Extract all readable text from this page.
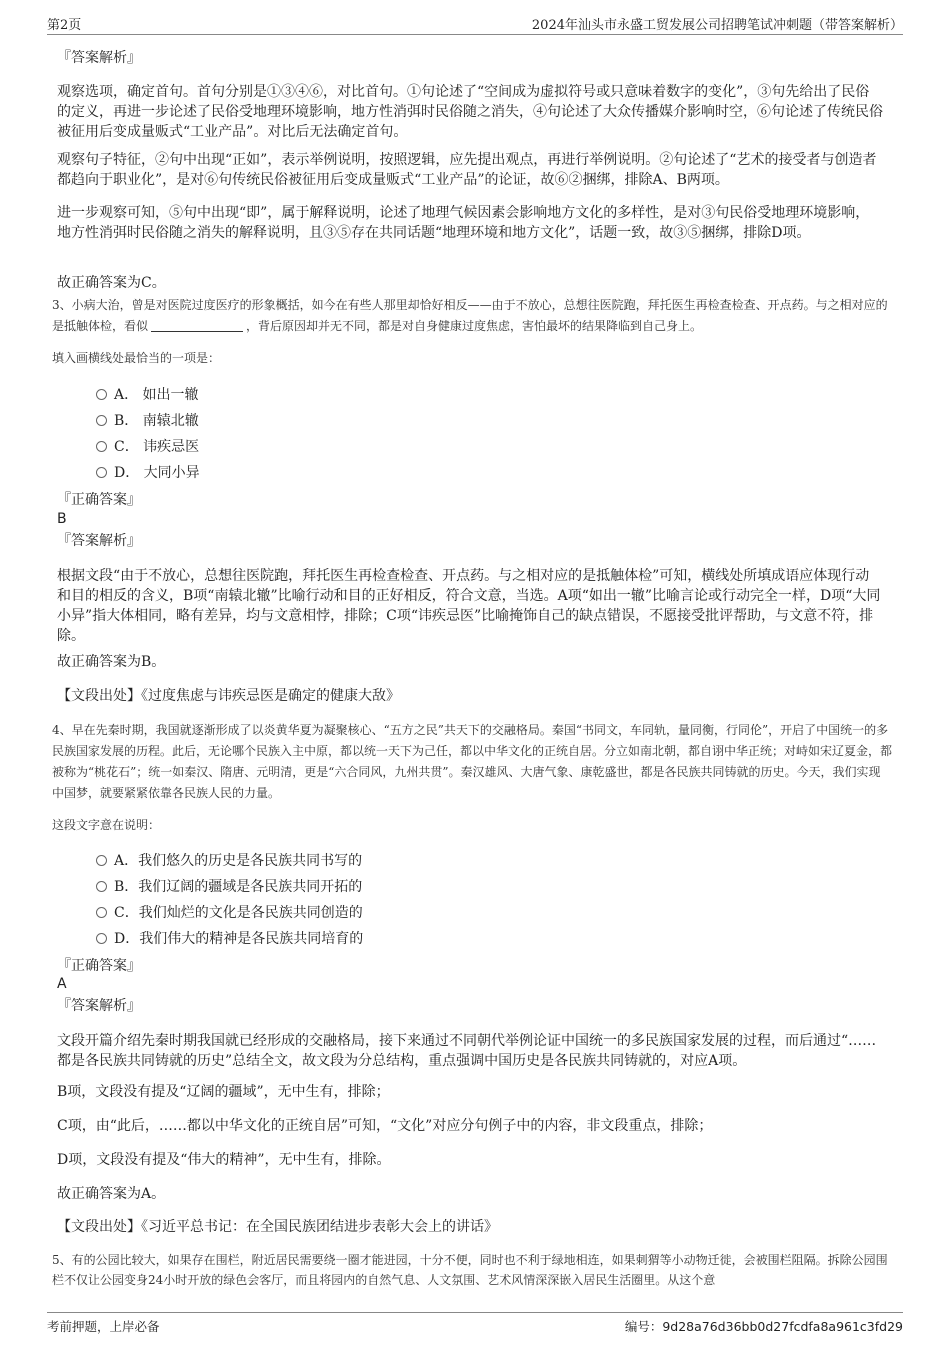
第2页	2024年汕头市永盛工贸发展公司招聘笔试冲刺题（带答案解析）
『答案解析』
观察选项，确定首句。首句分别是①③④⑥，对比首句。①句论述了“空间成为虚拟符号或只意味着数字的变化”，③句先给出了民俗的定义，再进一步论述了民俗受地理环境影响，地方性消弭时民俗随之消失，④句论述了大众传播媒介影响时空，⑥句论述了传统民俗被征用后变成量贩式“工业产品”。对比后无法确定首句。
观察句子特征，②句中出现“正如”，表示举例说明，按照逻辑，应先提出观点，再进行举例说明。②句论述了“艺术的接受者与创造者都趋向于职业化”，是对⑥句传统民俗被征用后变成量贩式“工业产品”的论证，故⑥②捆绑，排除A、B两项。
进一步观察可知，⑤句中出现“即”，属于解释说明，论述了地理气候因素会影响地方文化的多样性，是对③句民俗受地理环境影响，地方性消弭时民俗随之消失的解释说明，且③⑤存在共同话题“地理环境和地方文化”，话题一致，故③⑤捆绑，排除D项。
故正确答案为C。
3、小病大治，曾是对医院过度医疗的形象概括，如今在有些人那里却恰好相反——由于不放心，总想往医院跑，拜托医生再检查检查、开点药。与之相对应的是抵触体检，看似	，背后原因却并无不同，都是对自身健康过度焦虑，害怕最坏的结果降临到自己身上。
填入画横线处最恰当的一项是：
A． 如出一辙
B． 南辕北辙
C． 讳疾忌医
D． 大同小异
『正确答案』
B
『答案解析』
根据文段“由于不放心，总想往医院跑，拜托医生再检查检查、开点药。与之相对应的是抵触体检”可知，横线处所填成语应体现行动和目的相反的含义，B项“南辕北辙”比喻行动和目的正好相反，符合文意，当选。A项“如出一辙”比喻言论或行动完全一样，D项“大同小异”指大体相同，略有差异，均与文意相悖，排除；C项“讳疾忌医”比喻掩饰自己的缺点错误，不愿接受批评帮助，与文意不符，排除。
故正确答案为B。
【文段出处】《过度焦虑与讳疾忌医是确定的健康大敌》
4、早在先秦时期，我国就逐渐形成了以炎黄华夏为凝聚核心、“五方之民”共天下的交融格局。秦国“书同文，车同轨，量同衡，行同伦”，开启了中国统一的多民族国家发展的历程。此后，无论哪个民族入主中原，都以统一天下为己任，都以中华文化的正统自居。分立如南北朝，都自诩中华正统；对峙如宋辽夏金，都被称为“桃花石”；统一如秦汉、隋唐、元明清，更是“六合同风，九州共贯”。秦汉雄风、大唐气象、康乾盛世，都是各民族共同铸就的历史。今天，我们实现中国梦，就要紧紧依靠各民族人民的力量。
这段文字意在说明：
A．我们悠久的历史是各民族共同书写的
B．我们辽阔的疆域是各民族共同开拓的
C．我们灿烂的文化是各民族共同创造的
D．我们伟大的精神是各民族共同培育的
『正确答案』
A
『答案解析』
文段开篇介绍先秦时期我国就已经形成的交融格局，接下来通过不同朝代举例论证中国统一的多民族国家发展的过程，而后通过“……都是各民族共同铸就的历史”总结全文，故文段为分总结构，重点强调中国历史是各民族共同铸就的，对应A项。
B项，文段没有提及“辽阔的疆域”，无中生有，排除；
C项，由“此后，……都以中华文化的正统自居”可知，“文化”对应分句例子中的内容，非文段重点，排除；
D项，文段没有提及“伟大的精神”，无中生有，排除。
故正确答案为A。
【文段出处】《习近平总书记：在全国民族团结进步表彰大会上的讲话》
5、有的公园比较大，如果存在围栏，附近居民需要绕一圈才能进园，十分不便，同时也不利于绿地相连，如果刺猬等小动物迁徙，会被围栏阻隔。拆除公园围栏不仅让公园变身24小时开放的绿色会客厅，而且将园内的自然气息、人文氛围、艺术风情深深嵌入居民生活圈里。从这个意
考前押题，上岸必备	编号：9d28a76d36bb0d27fcdfa8a961c3fd29
